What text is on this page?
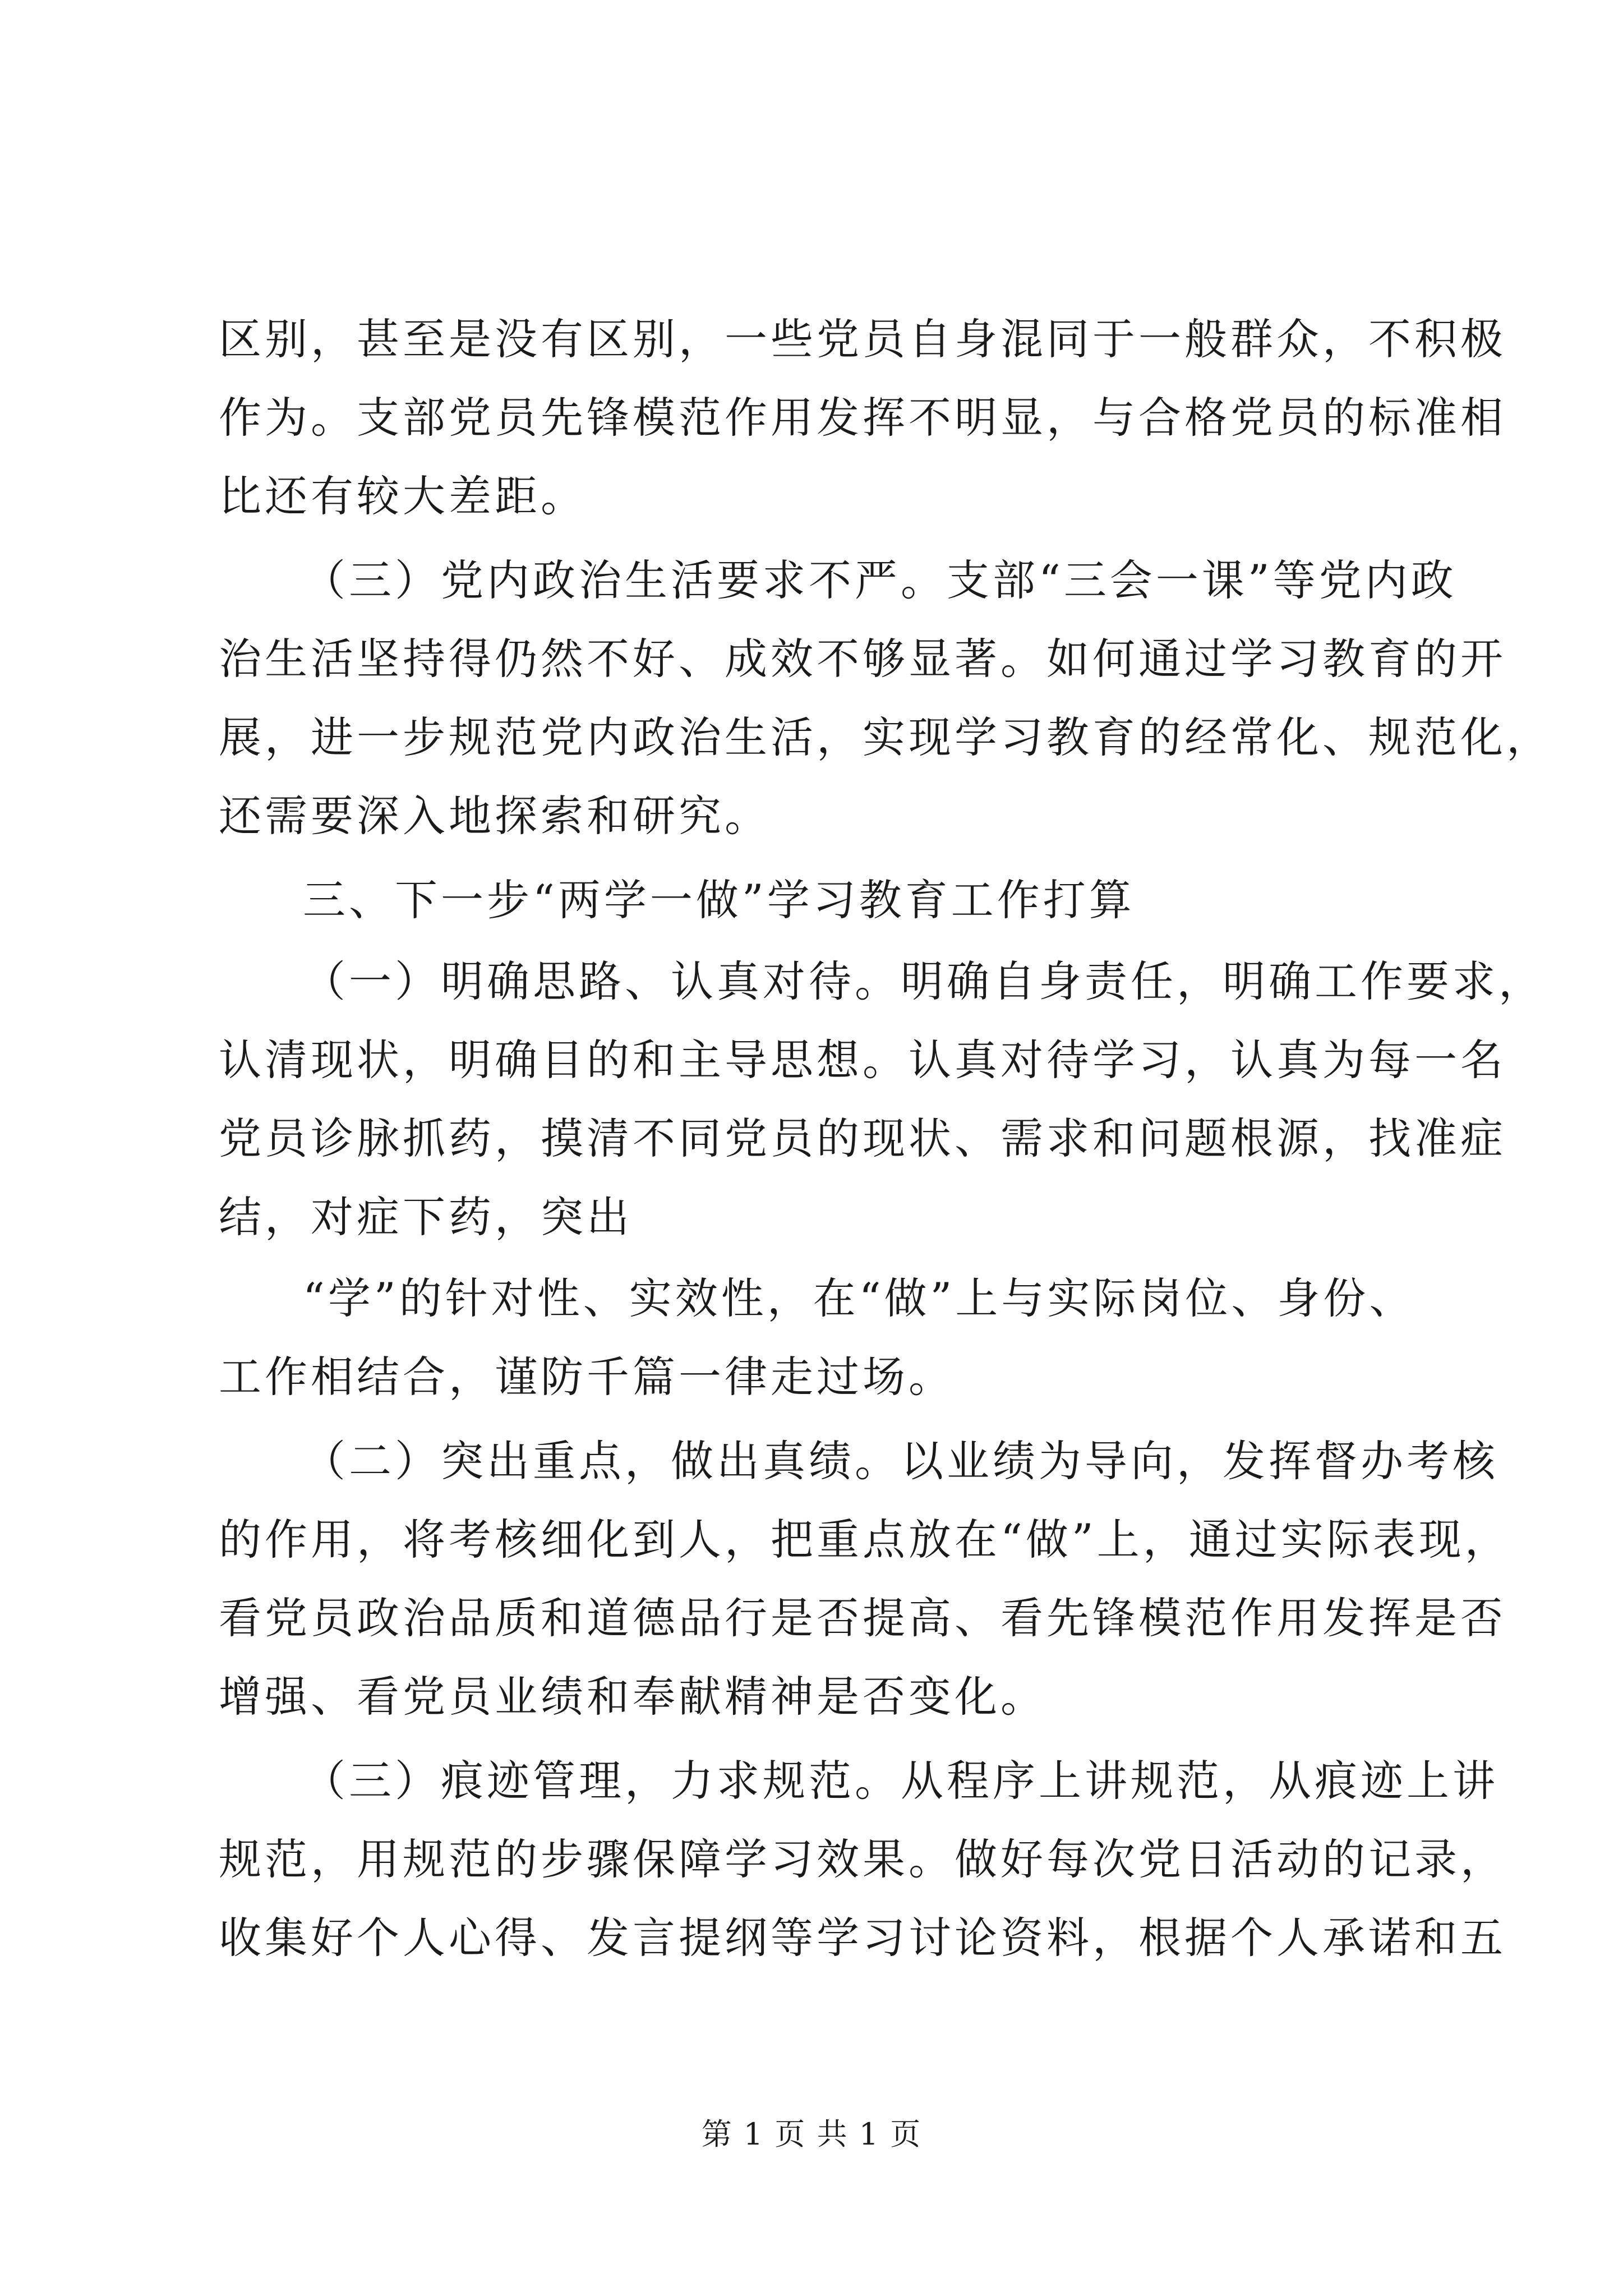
区别，甚至是没有区别，一些党员自身混同于一般群众，不积极
作为。支部党员先锋模范作用发挥不明显，与合格党员的标准相
比还有较大差距。
（三）党内政治生活要求不严。支部“三会一课”等党内政
治生活坚持得仍然不好、成效不够显著。如何通过学习教育的开
展，进一步规范党内政治生活，实现学习教育的经常化、规范化，
还需要深入地探索和研究。
三、下一步“两学一做”学习教育工作打算
（一）明确思路、认真对待。明确自身责任，明确工作要求，
认清现状，明确目的和主导思想。认真对待学习，认真为每一名
党员诊脉抓药，摸清不同党员的现状、需求和问题根源，找准症
结，对症下药，突出
“学”的针对性、实效性，在“做”上与实际岗位、身份、
工作相结合，谨防千篇一律走过场。
（二）突出重点，做出真绩。以业绩为导向，发挥督办考核
的作用，将考核细化到人，把重点放在“做”上，通过实际表现，
看党员政治品质和道德品行是否提高、看先锋模范作用发挥是否
增强、看党员业绩和奉献精神是否变化。
（三）痕迹管理，力求规范。从程序上讲规范，从痕迹上讲
规范，用规范的步骤保障学习效果。做好每次党日活动的记录，
收集好个人心得、发言提纲等学习讨论资料，根据个人承诺和五
第 1 页 共 1 页
